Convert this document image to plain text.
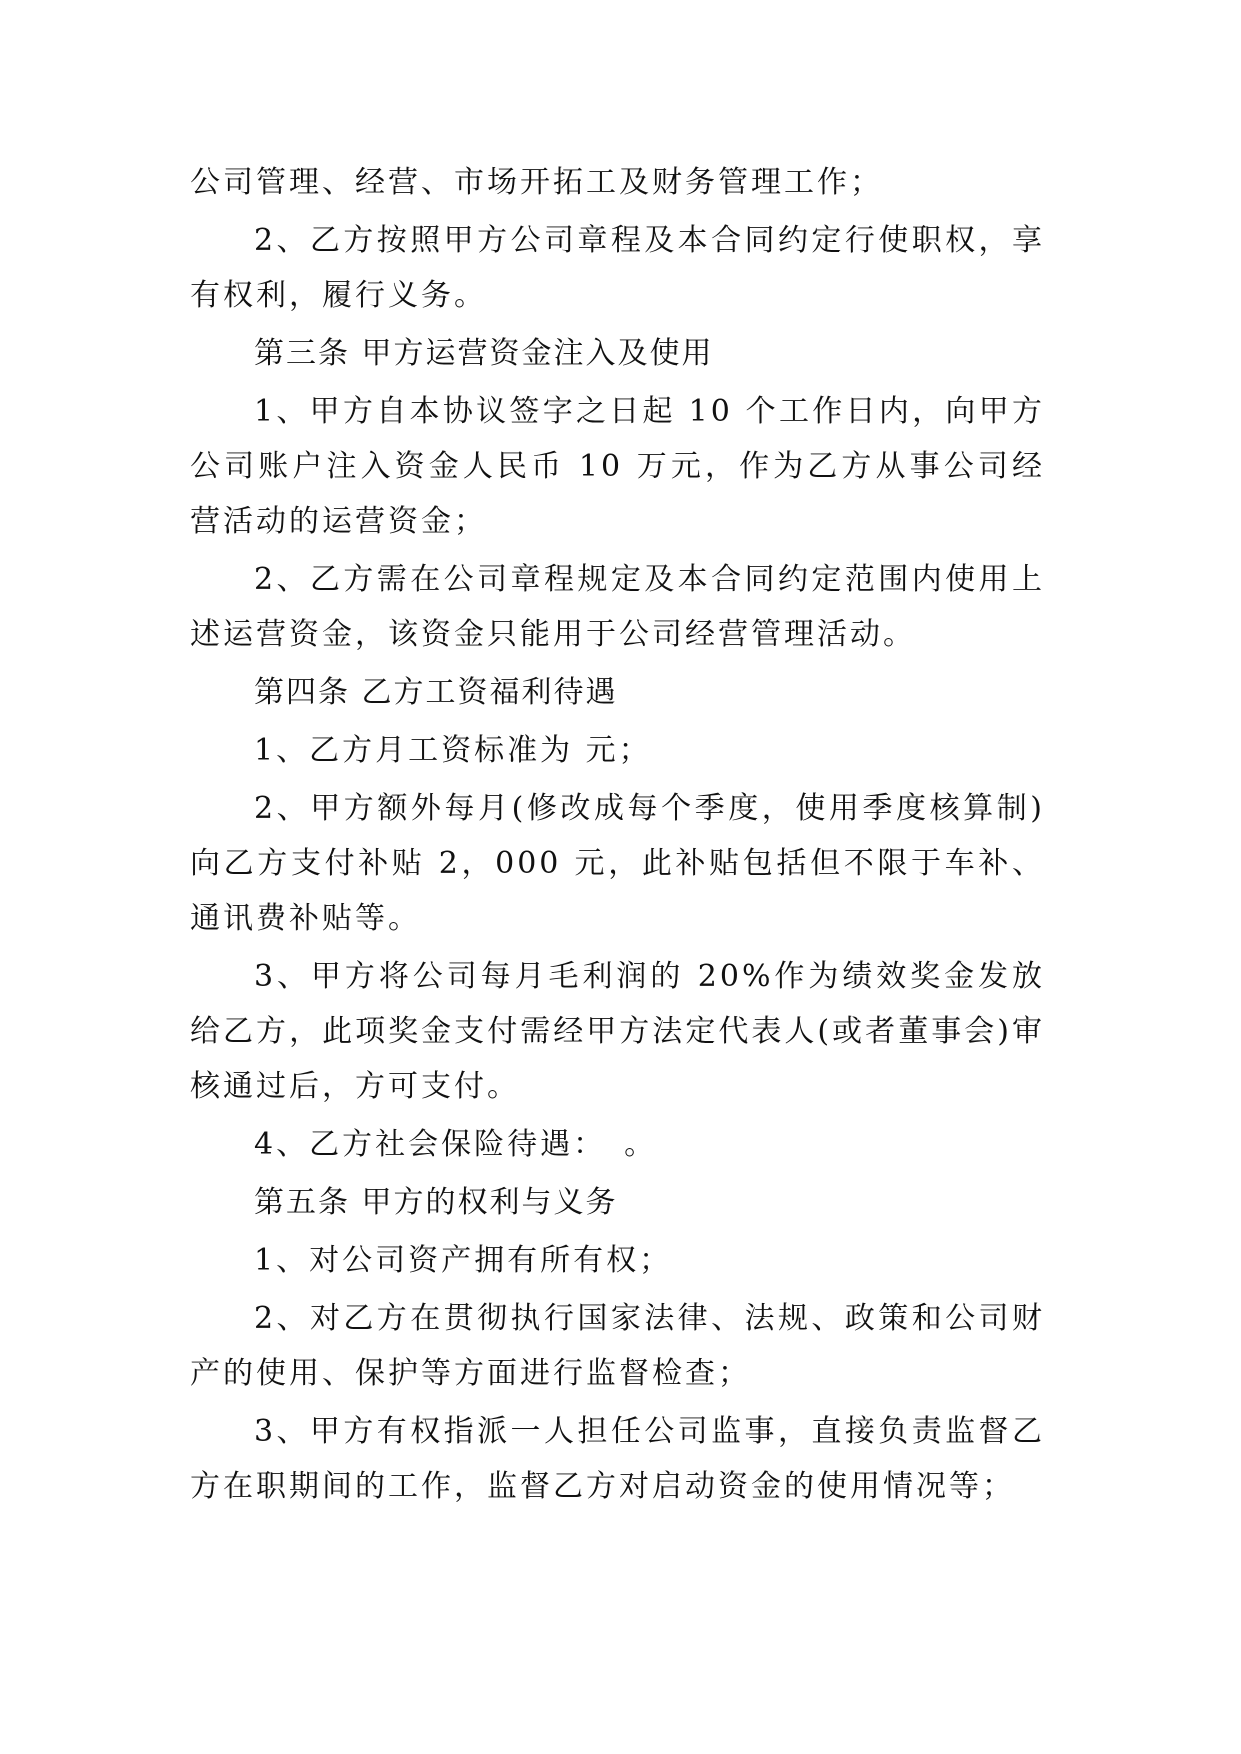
公司管理、经营、市场开拓工及财务管理工作；

2、乙方按照甲方公司章程及本合同约定行使职权，享有权利，履行义务。

第三条 甲方运营资金注入及使用

1、甲方自本协议签字之日起 10 个工作日内，向甲方公司账户注入资金人民币 10 万元，作为乙方从事公司经营活动的运营资金；

2、乙方需在公司章程规定及本合同约定范围内使用上述运营资金，该资金只能用于公司经营管理活动。

第四条 乙方工资福利待遇

1、乙方月工资标准为 元；

2、甲方额外每月(修改成每个季度，使用季度核算制)向乙方支付补贴 2，000 元，此补贴包括但不限于车补、通讯费补贴等。

3、甲方将公司每月毛利润的 20%作为绩效奖金发放给乙方，此项奖金支付需经甲方法定代表人(或者董事会)审核通过后，方可支付。

4、乙方社会保险待遇：　。

第五条 甲方的权利与义务

1、对公司资产拥有所有权；

2、对乙方在贯彻执行国家法律、法规、政策和公司财产的使用、保护等方面进行监督检查；

3、甲方有权指派一人担任公司监事，直接负责监督乙方在职期间的工作，监督乙方对启动资金的使用情况等；
